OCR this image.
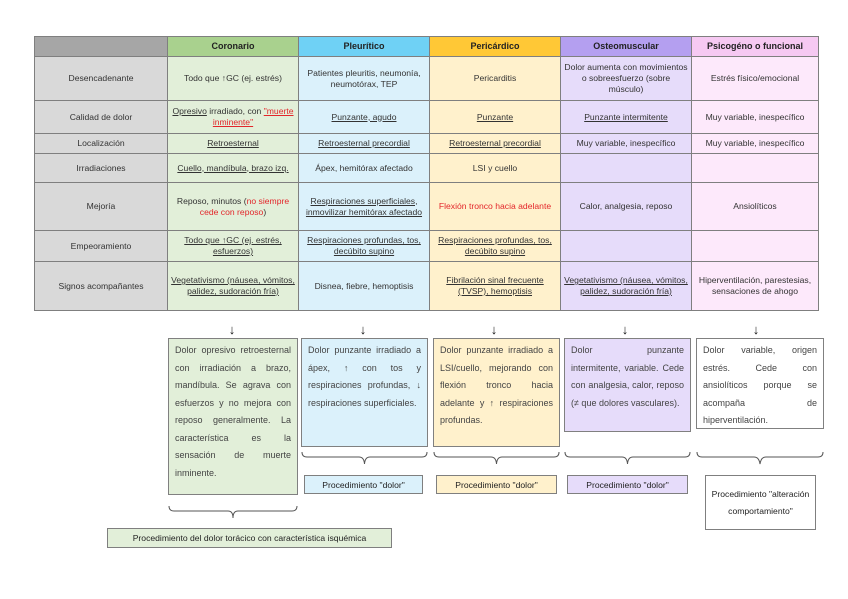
	Coronario	Pleurítico	Pericárdico	Osteomuscular	Psicogéno o funcional
Desencadenante	Todo que ↑GC (ej. estrés)	Patientes pleuritis, neumonía, neumotórax, TEP	Pericarditis	Dolor aumenta con movimientos o sobreesfuerzo (sobre músculo)	Estrés físico/emocional
Calidad de dolor	Opresivo irradiado, con "muerte inminente"	Punzante, agudo	Punzante	Punzante intermitente	Muy variable, inespecífico
Localización	Retroesternal	Retroesternal precordial	Retroesternal precordial	Muy variable, inespecífico	Muy variable, inespecífico
Irradiaciones	Cuello, mandíbula, brazo izq.	Ápex, hemitórax afectado	LSI y cuello		
Mejoría	Reposo, minutos (no siempre cede con reposo)	Respiraciones superficiales, inmovilizar hemitórax afectado	Flexión tronco hacia adelante	Calor, analgesia, reposo	Ansiolíticos
Empeoramiento	Todo que ↑GC (ej. estrés, esfuerzos)	Respiraciones profundas, tos, decúbito supino	Respiraciones profundas, tos, decúbito supino		
Signos acompañantes	Vegetativismo (náusea, vómitos, palidez, sudoración fría)	Disnea, fiebre, hemoptisis	Fibrilación sinal frecuente (TVSP), hemoptisis	Vegetativismo (náusea, vómitos, palidez, sudoración fría)	Hiperventilación, parestesias, sensaciones de ahogo
↓	↓	↓	↓	↓
Dolor opresivo retroesternal con irradiación a brazo, mandíbula. Se agrava con esfuerzos y no mejora con reposo generalmente. La característica es la sensación de muerte inminente.
Dolor punzante irradiado a ápex, ↑ con tos y respiraciones profundas, ↓ respiraciones superficiales.
Dolor punzante irradiado a LSI/cuello, mejorando con flexión tronco hacia adelante y ↑ respiraciones profundas.
Dolor punzante intermitente, variable. Cede con analgesia, calor, reposo (≠ que dolores vasculares).
Dolor variable, origen estrés. Cede con ansiolíticos porque se acompaña de hiperventilación.
Procedimiento "dolor"	Procedimiento "dolor"	Procedimiento "dolor"
Procedimiento "alteración comportamiento"
Procedimiento del dolor torácico con característica isquémica
